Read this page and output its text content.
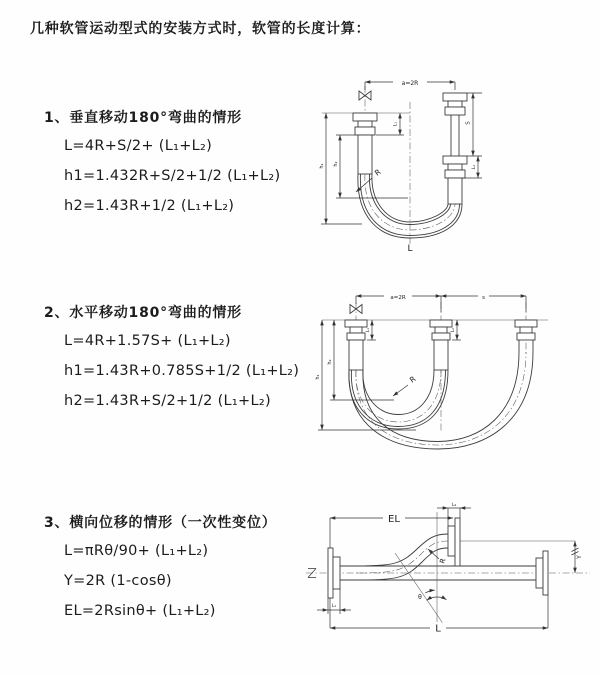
几种软管运动型式的安装方式时，软管的长度计算：
1、垂直移动180°弯曲的情形
L=4R+S/2+ (L₁+L₂)
h1=1.432R+S/2+1/2 (L₁+L₂)
h2=1.43R+1/2 (L₁+L₂)
2、水平移动180°弯曲的情形
L=4R+1.57S+ (L₁+L₂)
h1=1.43R+0.785S+1/2 (L₁+L₂)
h2=1.43R+S/2+1/2 (L₁+L₂)
3、横向位移的情形（一次性变位）
L=πRθ/90+ (L₁+L₂)
Y=2R (1-cosθ)
EL=2Rsinθ+ (L₁+L₂)
a=2R
h₁ h₂
L₁	S
L₂
R
L
a=2R	s
h₁
h₂
L₁	L₂
R
θ
R
EL
L₂
Y
L₁
L
